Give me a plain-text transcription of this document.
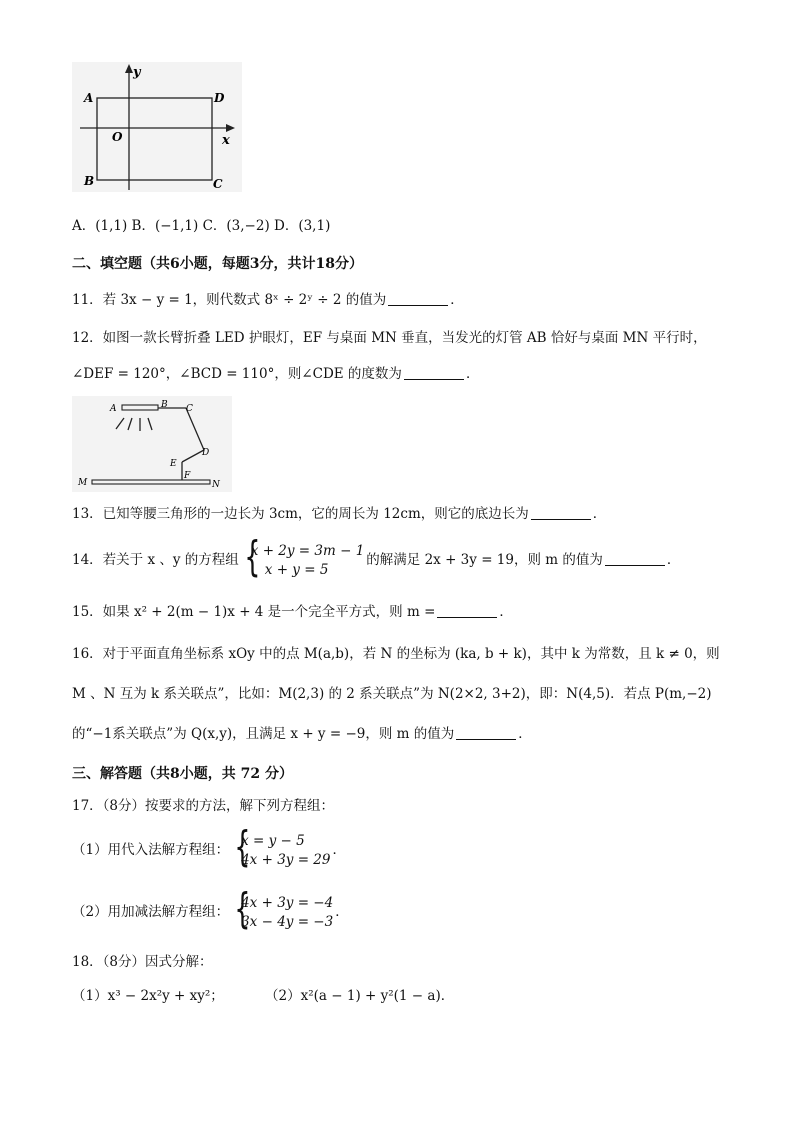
A	D
O	x
y
B	C
A．(1,1) B．(−1,1) C．(3,−2) D．(3,1)
二、填空题（共6小题，每题3分，共计18分）
11．若 3x − y = 1，则代数式 8ˣ ÷ 2ʸ ÷ 2 的值为	．
12．如图一款长臂折叠 LED 护眼灯，EF 与桌面 MN 垂直，当发光的灯管 AB 恰好与桌面 MN 平行时，
∠DEF = 120°，∠BCD = 110°，则∠CDE 的度数为	．
A	B C
D
E
F
M	N
13．已知等腰三角形的一边长为 3cm，它的周长为 12cm，则它的底边长为	．
14．若关于 x 、y 的方程组
{ x + 2y = 3m − 1
x + y = 5
的解满足 2x + 3y = 19，则 m 的值为	．
15．如果 x² + 2(m − 1)x + 4 是一个完全平方式，则 m =	．
16．对于平面直角坐标系 xOy 中的点 M(a,b)，若 N 的坐标为 (ka, b + k)，其中 k 为常数，且 k ≠ 0，则
M 、N 互为 k 系关联点”，比如：M(2,3) 的 2 系关联点”为 N(2×2, 3+2)，即：N(4,5)．若点 P(m,−2)
的“−1系关联点”为 Q(x,y)，且满足 x + y = −9，则 m 的值为	．
三、解答题（共8小题，共 72 分）
17．（8分）按要求的方法，解下列方程组：
（1）用代入法解方程组：
{ x = y − 5
4x + 3y = 29
．
（2）用加减法解方程组：
{ 4x + 3y = −4
3x − 4y = −3
．
18．（8分）因式分解：
（1）x³ − 2x²y + xy²；	（2）x²(a − 1) + y²(1 − a)．
